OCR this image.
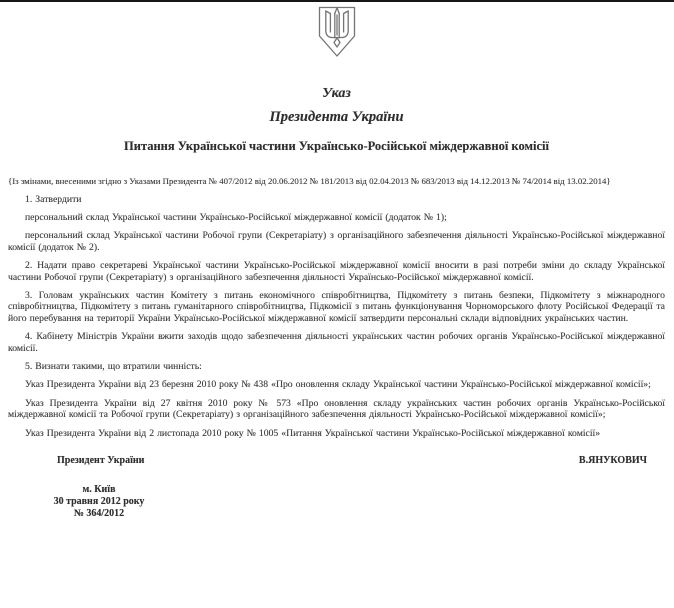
Указ
Президента України
Питання Української частини Українсько-Російської міждержавної комісії
{Із змінами, внесеними згідно з Указами Президента № 407/2012 від 20.06.2012 № 181/2013 від 02.04.2013 № 683/2013 від 14.12.2013 № 74/2014 від 13.02.2014}

1. Затвердити

персональний склад Української частини Українсько-Російської міждержавної комісії (додаток № 1);

персональний склад Української частини Робочої групи (Секретаріату) з організаційного забезпечення діяльності Українсько-Російської міждержавної комісії (додаток № 2).

2. Надати право секретареві Української частини Українсько-Російської міждержавної комісії вносити в разі потреби зміни до складу Української частини Робочої групи (Секретаріату) з організаційного забезпечення діяльності Українсько-Російської міждержавної комісії.

3. Головам українських частин Комітету з питань економічного співробітництва, Підкомітету з питань безпеки, Підкомітету з міжнародного співробітництва, Підкомітету з питань гуманітарного співробітництва, Підкомісії з питань функціонування Чорноморського флоту Російської Федерації та його перебування на території України Українсько-Російської міждержавної комісії затвердити персональні склади відповідних українських частин.

4. Кабінету Міністрів України вжити заходів щодо забезпечення діяльності українських частин робочих органів Українсько-Російської міждержавної комісії.

5. Визнати такими, що втратили чинність:

Указ Президента України від 23 березня 2010 року № 438 «Про оновлення складу Української частини Українсько-Російської міждержавної комісії»;

Указ Президента України від 27 квітня 2010 року № 573 «Про оновлення складу українських частин робочих органів Українсько-Російської міждержавної комісії та Робочої групи (Секретаріату) з організаційного забезпечення діяльності Українсько-Російської міждержавної комісії»;

Указ Президента України від 2 листопада 2010 року № 1005 «Питання Української частини Українсько-Російської міждержавної комісії»

Президент України	В.ЯНУКОВИЧ
м. Київ
30 травня 2012 року
№ 364/2012
